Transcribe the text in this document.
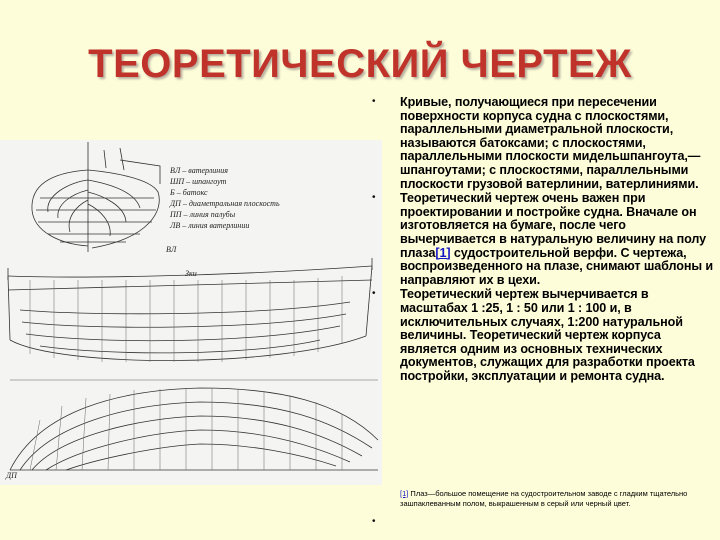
ТЕОРЕТИЧЕСКИЙ ЧЕРТЕЖ
ВЛ – ватерлиния
ШП – шпангоут
Б – батокс
ДП – диаметральная плоскость
ПП – линия палубы
ЛВ – линия ватерлинии
ВЛ
Зки
ДП
• Кривые, получающиеся при пересечении поверхности корпуса судна с плоскостями, параллельными диаметральной плоскости, называются батоксами; с плоскостями, параллельными плоскости мидельшпангоута,— шпангоутами; с плоскостями, параллельными плоскости грузовой ватерлинии, ватерлиниями.
• Теоретический чертеж очень важен при проектировании и постройке судна. Вначале он изготовляется на бумаге, после чего вычерчивается в натуральную величину на полу плаза[1] судостроительной верфи. С чертежа, воспроизведенного на плазе, снимают шаблоны и направляют их в цехи.
• Теоретический чертеж вычерчивается в масштабах 1 :25, 1 : 50 или 1 : 100 и, в исключительных случаях, 1:200 натуральной величины. Теоретический чертеж корпуса является одним из основных технических документов, служащих для разработки проекта постройки, эксплуатации и ремонта судна.
[1] Плаз—большое помещение на судостроительном заводе с гладким тщательно зашпаклеванным полом, выкрашенным в серый или черный цвет.
•
